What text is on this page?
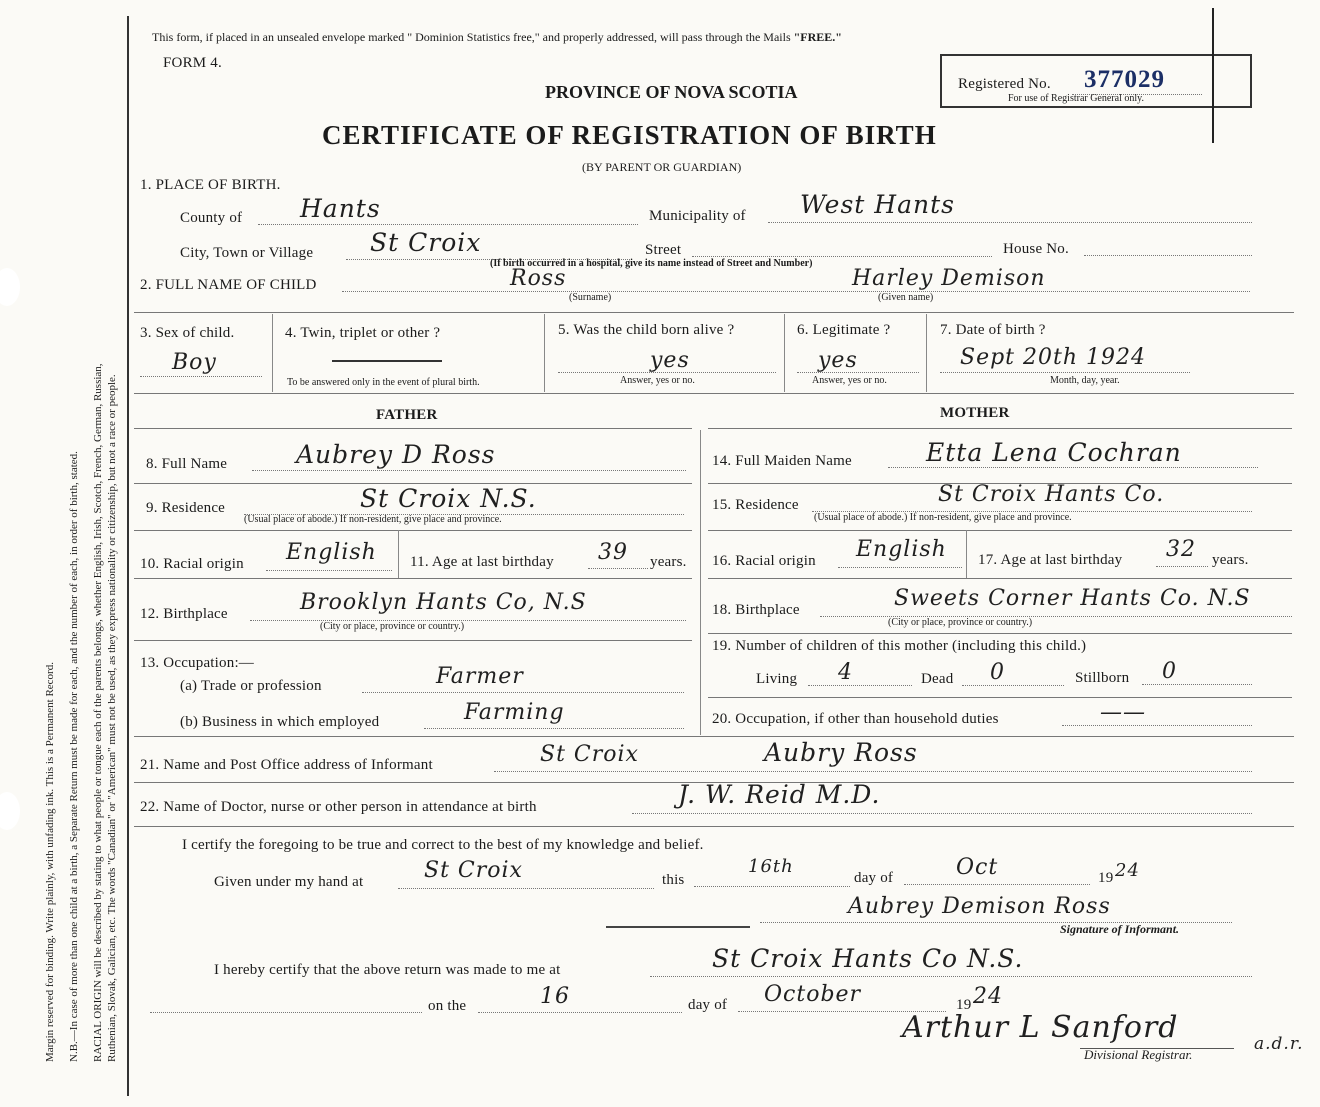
Margin reserved for binding. Write plainly, with unfading ink. This is a Permanent Record. N.B.—In case of more than one child at a birth, a Separate Return must be made for each, and the number of each, in order of birth, stated. RACIAL ORIGIN will be described by stating to what people or tongue each of the parents belongs, whether English, Irish, Scotch, French, German, Russian, Ruthenian, Slovak, Galician, etc. The words "Canadian" or "American" must not be used, as they express nationality or citizenship, but not a race or people.
This form, if placed in an unsealed envelope marked " Dominion Statistics free," and properly addressed, will pass through the Mails "FREE."
FORM 4.
PROVINCE OF NOVA SCOTIA
CERTIFICATE OF REGISTRATION OF BIRTH
(BY PARENT OR GUARDIAN)
Registered No. 377029
For use of Registrar General only.
1. PLACE OF BIRTH.
County of Hants	Municipality of West Hants
City, Town or Village St Croix	Street	House No.
(If birth occurred in a hospital, give its name instead of Street and Number)
2. FULL NAME OF CHILD	Ross
(Surname)
Harley Demison
(Given name)
3. Sex of child.
Boy
4. Twin, triplet or other ?
To be answered only in the event of plural birth.
5. Was the child born alive ?
yes
Answer, yes or no.
6. Legitimate ?
yes
Answer, yes or no.
7. Date of birth ?
Sept 20th 1924
Month, day, year.
FATHER	MOTHER
8. Full Name	Aubrey D Ross
9. Residence	St Croix N.S.
(Usual place of abode.) If non-resident, give place and province.
10. Racial origin English 11. Age at last birthday 39 years.
12. Birthplace	Brooklyn Hants Co, N.S
(City or place, province or country.)
13. Occupation:—
(a) Trade or profession	Farmer
(b) Business in which employed	Farming
14. Full Maiden Name	Etta Lena Cochran
15. Residence	St Croix Hants Co.
(Usual place of abode.) If non-resident, give place and province.
16. Racial origin English 17. Age at last birthday 32 years.
18. Birthplace	Sweets Corner Hants Co. N.S
(City or place, province or country.)
19. Number of children of this mother (including this child.)
Living 4	Dead 0	Stillborn 0
20. Occupation, if other than household duties	——
21. Name and Post Office address of Informant	St Croix	Aubry Ross
22. Name of Doctor, nurse or other person in attendance at birth	J. W. Reid M.D.
I certify the foregoing to be true and correct to the best of my knowledge and belief.
Given under my hand at	St Croix	this
16th
day of	Oct	19 24
Aubrey Demison Ross
Signature of Informant.
I hereby certify that the above return was made to me at	St Croix Hants Co N.S.
on the	16	day of October	19 24
Arthur L Sanford	a.d.r.
Divisional Registrar.
